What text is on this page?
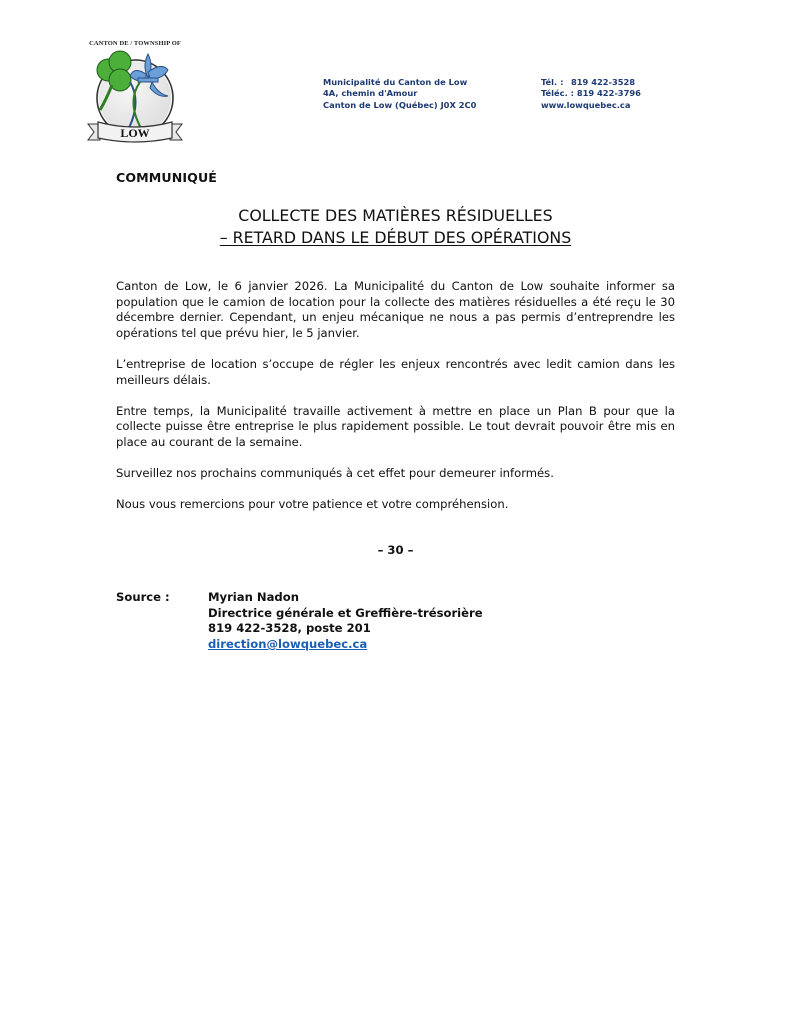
CANTON DE / TOWNSHIP OF
LOW
Municipalité du Canton de Low
4A, chemin d'Amour
Canton de Low (Québec) J0X 2C0
Tél. : 819 422-3528
Téléc. : 819 422-3796
www.lowquebec.ca
COMMUNIQUÉ
COLLECTE DES MATIÈRES RÉSIDUELLES
– RETARD DANS LE DÉBUT DES OPÉRATIONS

Canton de Low, le 6 janvier 2026. La Municipalité du Canton de Low souhaite informer sa population que le camion de location pour la collecte des matières résiduelles a été reçu le 30 décembre dernier. Cependant, un enjeu mécanique ne nous a pas permis d’entreprendre les opérations tel que prévu hier, le 5 janvier.

L’entreprise de location s’occupe de régler les enjeux rencontrés avec ledit camion dans les meilleurs délais.

Entre temps, la Municipalité travaille activement à mettre en place un Plan B pour que la collecte puisse être entreprise le plus rapidement possible. Le tout devrait pouvoir être mis en place au courant de la semaine.

Surveillez nos prochains communiqués à cet effet pour demeurer informés.

Nous vous remercions pour votre patience et votre compréhension.

– 30 –
Source :	Myrian Nadon
Directrice générale et Greffière-trésorière
819 422-3528, poste 201
direction@lowquebec.ca
